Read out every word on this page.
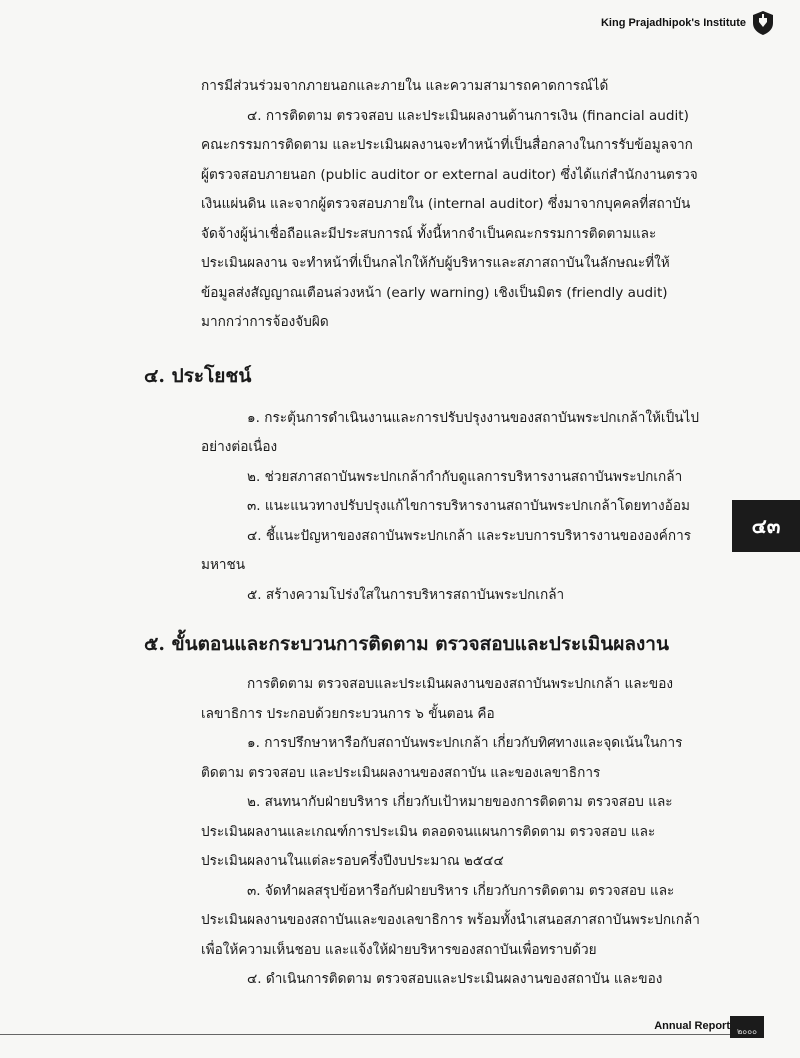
King Prajadhipok's Institute

การมีส่วนร่วมจากภายนอกและภายใน และความสามารถคาดการณ์ได้

๔. การติดตาม ตรวจสอบ และประเมินผลงานด้านการเงิน (financial audit) คณะกรรมการติดตาม และประเมินผลงานจะทำหน้าที่เป็นสื่อกลางในการรับข้อมูลจากผู้ตรวจสอบภายนอก (public auditor or external auditor) ซึ่งได้แก่สำนักงานตรวจเงินแผ่นดิน และจากผู้ตรวจสอบภายใน (internal auditor) ซึ่งมาจากบุคคลที่สถาบันจัดจ้างผู้น่าเชื่อถือและมีประสบการณ์ ทั้งนี้หากจำเป็นคณะกรรมการติดตามและประเมินผลงาน จะทำหน้าที่เป็นกลไกให้กับผู้บริหารและสภาสถาบันในลักษณะที่ให้ข้อมูลส่งสัญญาณเตือนล่วงหน้า (early warning) เชิงเป็นมิตร (friendly audit) มากกว่าการจ้องจับผิด

๔. ประโยชน์

๑. กระตุ้นการดำเนินงานและการปรับปรุงงานของสถาบันพระปกเกล้าให้เป็นไปอย่างต่อเนื่อง

๒. ช่วยสภาสถาบันพระปกเกล้ากำกับดูแลการบริหารงานสถาบันพระปกเกล้า

๓. แนะแนวทางปรับปรุงแก้ไขการบริหารงานสถาบันพระปกเกล้าโดยทางอ้อม

๔. ชี้แนะปัญหาของสถาบันพระปกเกล้า และระบบการบริหารงานขององค์การมหาชน

๕. สร้างความโปร่งใสในการบริหารสถาบันพระปกเกล้า

๕. ขั้นตอนและกระบวนการติดตาม ตรวจสอบและประเมินผลงาน

การติดตาม ตรวจสอบและประเมินผลงานของสถาบันพระปกเกล้า และของเลขาธิการ ประกอบด้วยกระบวนการ ๖ ขั้นตอน คือ

๑. การปรึกษาหารือกับสถาบันพระปกเกล้า เกี่ยวกับทิศทางและจุดเน้นในการติดตาม ตรวจสอบ และประเมินผลงานของสถาบัน และของเลขาธิการ

๒. สนทนากับฝ่ายบริหาร เกี่ยวกับเป้าหมายของการติดตาม ตรวจสอบ และประเมินผลงานและเกณฑ์การประเมิน ตลอดจนแผนการติดตาม ตรวจสอบ และประเมินผลงานในแต่ละรอบครึ่งปีงบประมาณ ๒๕๔๔

๓. จัดทำผลสรุปข้อหารือกับฝ่ายบริหาร เกี่ยวกับการติดตาม ตรวจสอบ และประเมินผลงานของสถาบันและของเลขาธิการ พร้อมทั้งนำเสนอสภาสถาบันพระปกเกล้า เพื่อให้ความเห็นชอบ และแจ้งให้ฝ่ายบริหารของสถาบันเพื่อทราบด้วย

๔. ดำเนินการติดตาม ตรวจสอบและประเมินผลงานของสถาบัน และของ

๔๓
Annual Report ๒๐๐๐
